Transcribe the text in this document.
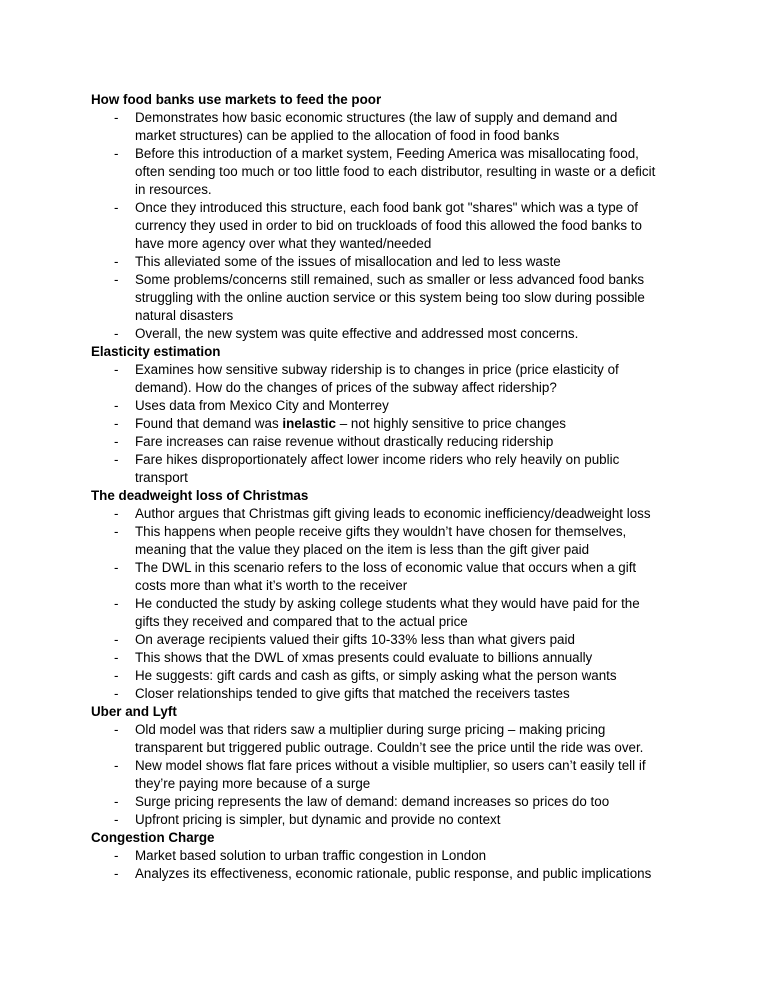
How food banks use markets to feed the poor
- Demonstrates how basic economic structures (the law of supply and demand and
market structures) can be applied to the allocation of food in food banks
- Before this introduction of a market system, Feeding America was misallocating food,
often sending too much or too little food to each distributor, resulting in waste or a deficit
in resources.
- Once they introduced this structure, each food bank got "shares" which was a type of
currency they used in order to bid on truckloads of food this allowed the food banks to
have more agency over what they wanted/needed
- This alleviated some of the issues of misallocation and led to less waste
- Some problems/concerns still remained, such as smaller or less advanced food banks
struggling with the online auction service or this system being too slow during possible
natural disasters
- Overall, the new system was quite effective and addressed most concerns.
Elasticity estimation
- Examines how sensitive subway ridership is to changes in price (price elasticity of
demand). How do the changes of prices of the subway affect ridership?
- Uses data from Mexico City and Monterrey
- Found that demand was inelastic – not highly sensitive to price changes
- Fare increases can raise revenue without drastically reducing ridership
- Fare hikes disproportionately affect lower income riders who rely heavily on public
transport
The deadweight loss of Christmas
- Author argues that Christmas gift giving leads to economic inefficiency/deadweight loss
- This happens when people receive gifts they wouldn’t have chosen for themselves,
meaning that the value they placed on the item is less than the gift giver paid
- The DWL in this scenario refers to the loss of economic value that occurs when a gift
costs more than what it’s worth to the receiver
- He conducted the study by asking college students what they would have paid for the
gifts they received and compared that to the actual price
- On average recipients valued their gifts 10-33% less than what givers paid
- This shows that the DWL of xmas presents could evaluate to billions annually
- He suggests: gift cards and cash as gifts, or simply asking what the person wants
- Closer relationships tended to give gifts that matched the receivers tastes
Uber and Lyft
- Old model was that riders saw a multiplier during surge pricing – making pricing
transparent but triggered public outrage. Couldn’t see the price until the ride was over.
- New model shows flat fare prices without a visible multiplier, so users can’t easily tell if
they’re paying more because of a surge
- Surge pricing represents the law of demand: demand increases so prices do too
- Upfront pricing is simpler, but dynamic and provide no context
Congestion Charge
- Market based solution to urban traffic congestion in London
- Analyzes its effectiveness, economic rationale, public response, and public implications
